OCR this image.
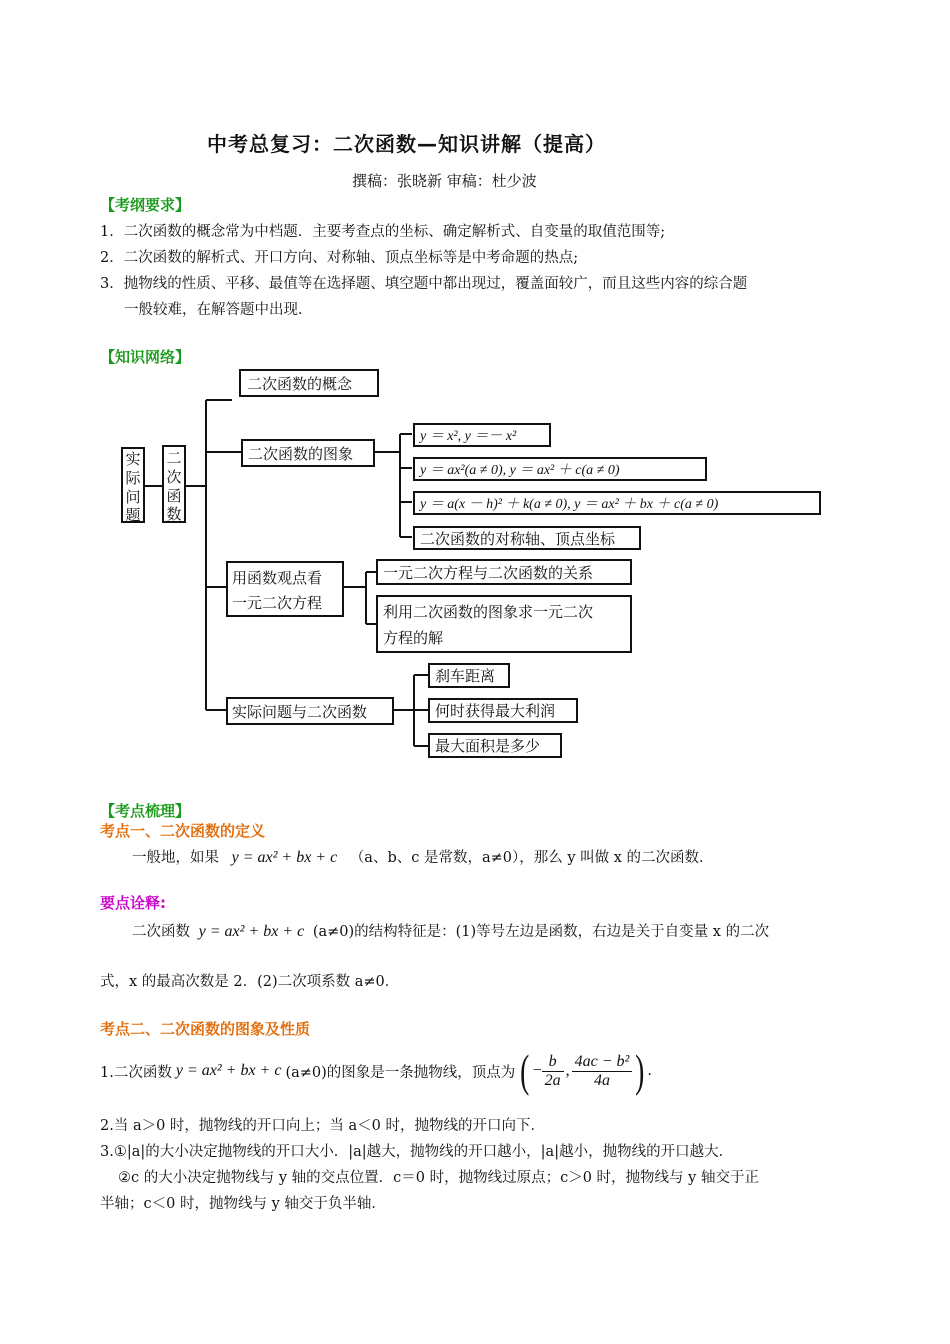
中考总复习：二次函数—知识讲解（提高）
撰稿：张晓新 审稿：杜少波
【考纲要求】
1．二次函数的概念常为中档题．主要考查点的坐标、确定解析式、自变量的取值范围等;
2．二次函数的解析式、开口方向、对称轴、顶点坐标等是中考命题的热点;
3．抛物线的性质、平移、最值等在选择题、填空题中都出现过，覆盖面较广，而且这些内容的综合题
一般较难，在解答题中出现．
【知识网络】
实
际
问
题
二
次
函
数
二次函数的概念
二次函数的图象
用函数观点看
一元二次方程
实际问题与二次函数
y ＝ x², y ＝－ x²
y ＝ ax²(a ≠ 0), y ＝ ax² ＋ c(a ≠ 0)
y ＝ a(x － h)² ＋ k(a ≠ 0), y ＝ ax² ＋ bx ＋ c(a ≠ 0)
二次函数的对称轴、顶点坐标
一元二次方程与二次函数的关系
利用二次函数的图象求一元二次
方程的解
刹车距离
何时获得最大利润
最大面积是多少
【考点梳理】
考点一、二次函数的定义
一般地，如果 y = ax² + bx + c （a、b、c 是常数，a≠0），那么 y 叫做 x 的二次函数．
要点诠释:
二次函数 y = ax² + bx + c (a≠0)的结构特征是：(1)等号左边是函数，右边是关于自变量 x 的二次
式，x 的最高次数是 2．(2)二次项系数 a≠0．
考点二、二次函数的图象及性质
1.二次函数 y = ax² + bx + c (a≠0)的图象是一条抛物线，顶点为 ( − $\frac{b}{2a}$ , $\frac{\text{4ac − b²}}{4a}$ ) .
2.当 a＞0 时，抛物线的开口向上；当 a＜0 时，抛物线的开口向下．
3.①|a|的大小决定抛物线的开口大小．|a|越大，抛物线的开口越小，|a|越小，抛物线的开口越大．
②c 的大小决定抛物线与 y 轴的交点位置．c＝0 时，抛物线过原点；c＞0 时，抛物线与 y 轴交于正
半轴；c＜0 时，抛物线与 y 轴交于负半轴．
